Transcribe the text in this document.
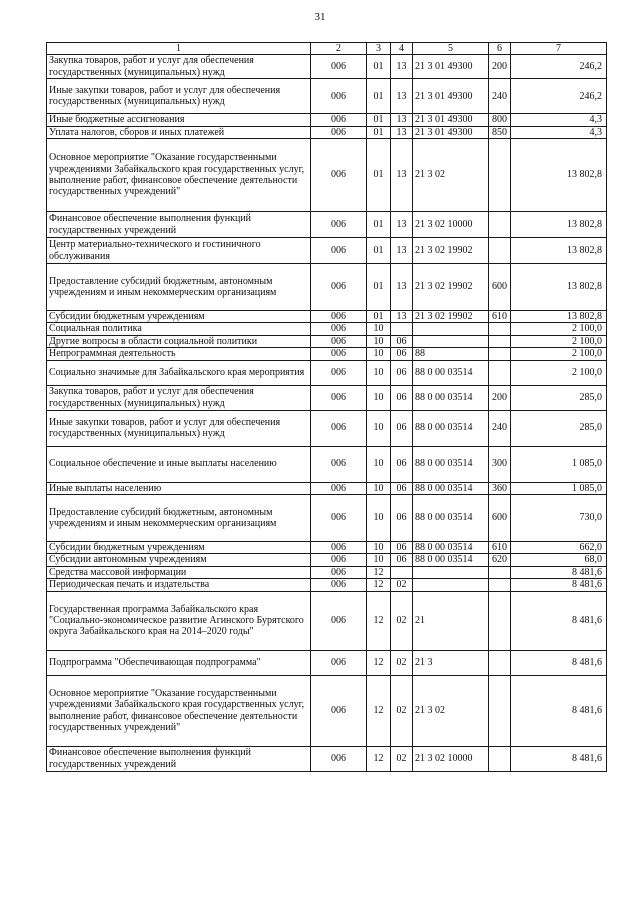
31
1	2	3	4	5	6	7
Закупка товаров, работ и услуг для обеспечения государственных (муниципальных) нужд	006	01	13	21 3 01 49300	200	246,2
Иные закупки товаров, работ и услуг для обеспечения государственных (муниципальных) нужд	006	01	13	21 3 01 49300	240	246,2
Иные бюджетные ассигнования	006	01	13	21 3 01 49300	800	4,3
Уплата налогов, сборов и иных платежей	006	01	13	21 3 01 49300	850	4,3
Основное мероприятие "Оказание государственными учреждениями Забайкальского края государственных услуг, выполнение работ, финансовое обеспечение деятельности государственных учреждений"	006	01	13	21 3 02		13 802,8
Финансовое обеспечение выполнения функций государственных учреждений	006	01	13	21 3 02 10000		13 802,8
Центр материально-технического и гостиничного обслуживания	006	01	13	21 3 02 19902		13 802,8
Предоставление субсидий бюджетным, автономным учреждениям и иным некоммерческим организациям	006	01	13	21 3 02 19902	600	13 802,8
Субсидии бюджетным учреждениям	006	01	13	21 3 02 19902	610	13 802,8
Социальная политика	006	10				2 100,0
Другие вопросы в области социальной политики	006	10	06			2 100,0
Непрограммная деятельность	006	10	06	88		2 100,0
Социально значимые для Забайкальского края мероприятия	006	10	06	88 0 00 03514		2 100,0
Закупка товаров, работ и услуг для обеспечения государственных (муниципальных) нужд	006	10	06	88 0 00 03514	200	285,0
Иные закупки товаров, работ и услуг для обеспечения государственных (муниципальных) нужд	006	10	06	88 0 00 03514	240	285,0
Социальное обеспечение и иные выплаты населению	006	10	06	88 0 00 03514	300	1 085,0
Иные выплаты населению	006	10	06	88 0 00 03514	360	1 085,0
Предоставление субсидий бюджетным, автономным учреждениям и иным некоммерческим организациям	006	10	06	88 0 00 03514	600	730,0
Субсидии бюджетным учреждениям	006	10	06	88 0 00 03514	610	662,0
Субсидии автономным учреждениям	006	10	06	88 0 00 03514	620	68,0
Средства массовой информации	006	12				8 481,6
Периодическая печать и издательства	006	12	02			8 481,6
Государственная программа Забайкальского края "Социально-экономическое развитие Агинского Бурятского округа Забайкальского края на 2014–2020 годы"	006	12	02	21		8 481,6
Подпрограмма "Обеспечивающая подпрограмма"	006	12	02	21 3		8 481,6
Основное мероприятие "Оказание государственными учреждениями Забайкальского края государственных услуг, выполнение работ, финансовое обеспечение деятельности государственных учреждений"	006	12	02	21 3 02		8 481,6
Финансовое обеспечение выполнения функций государственных учреждений	006	12	02	21 3 02 10000		8 481,6
